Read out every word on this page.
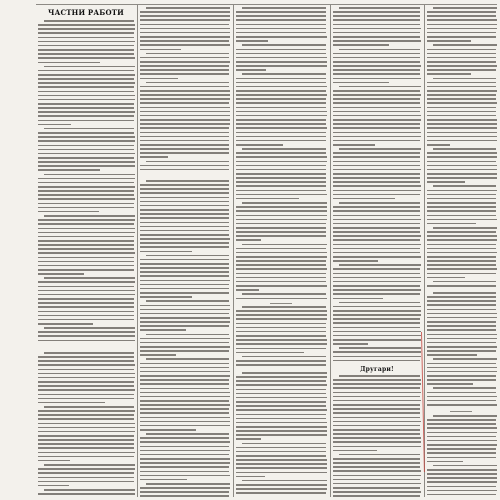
ЧАСТНИ РАБОТИ
Другари!
